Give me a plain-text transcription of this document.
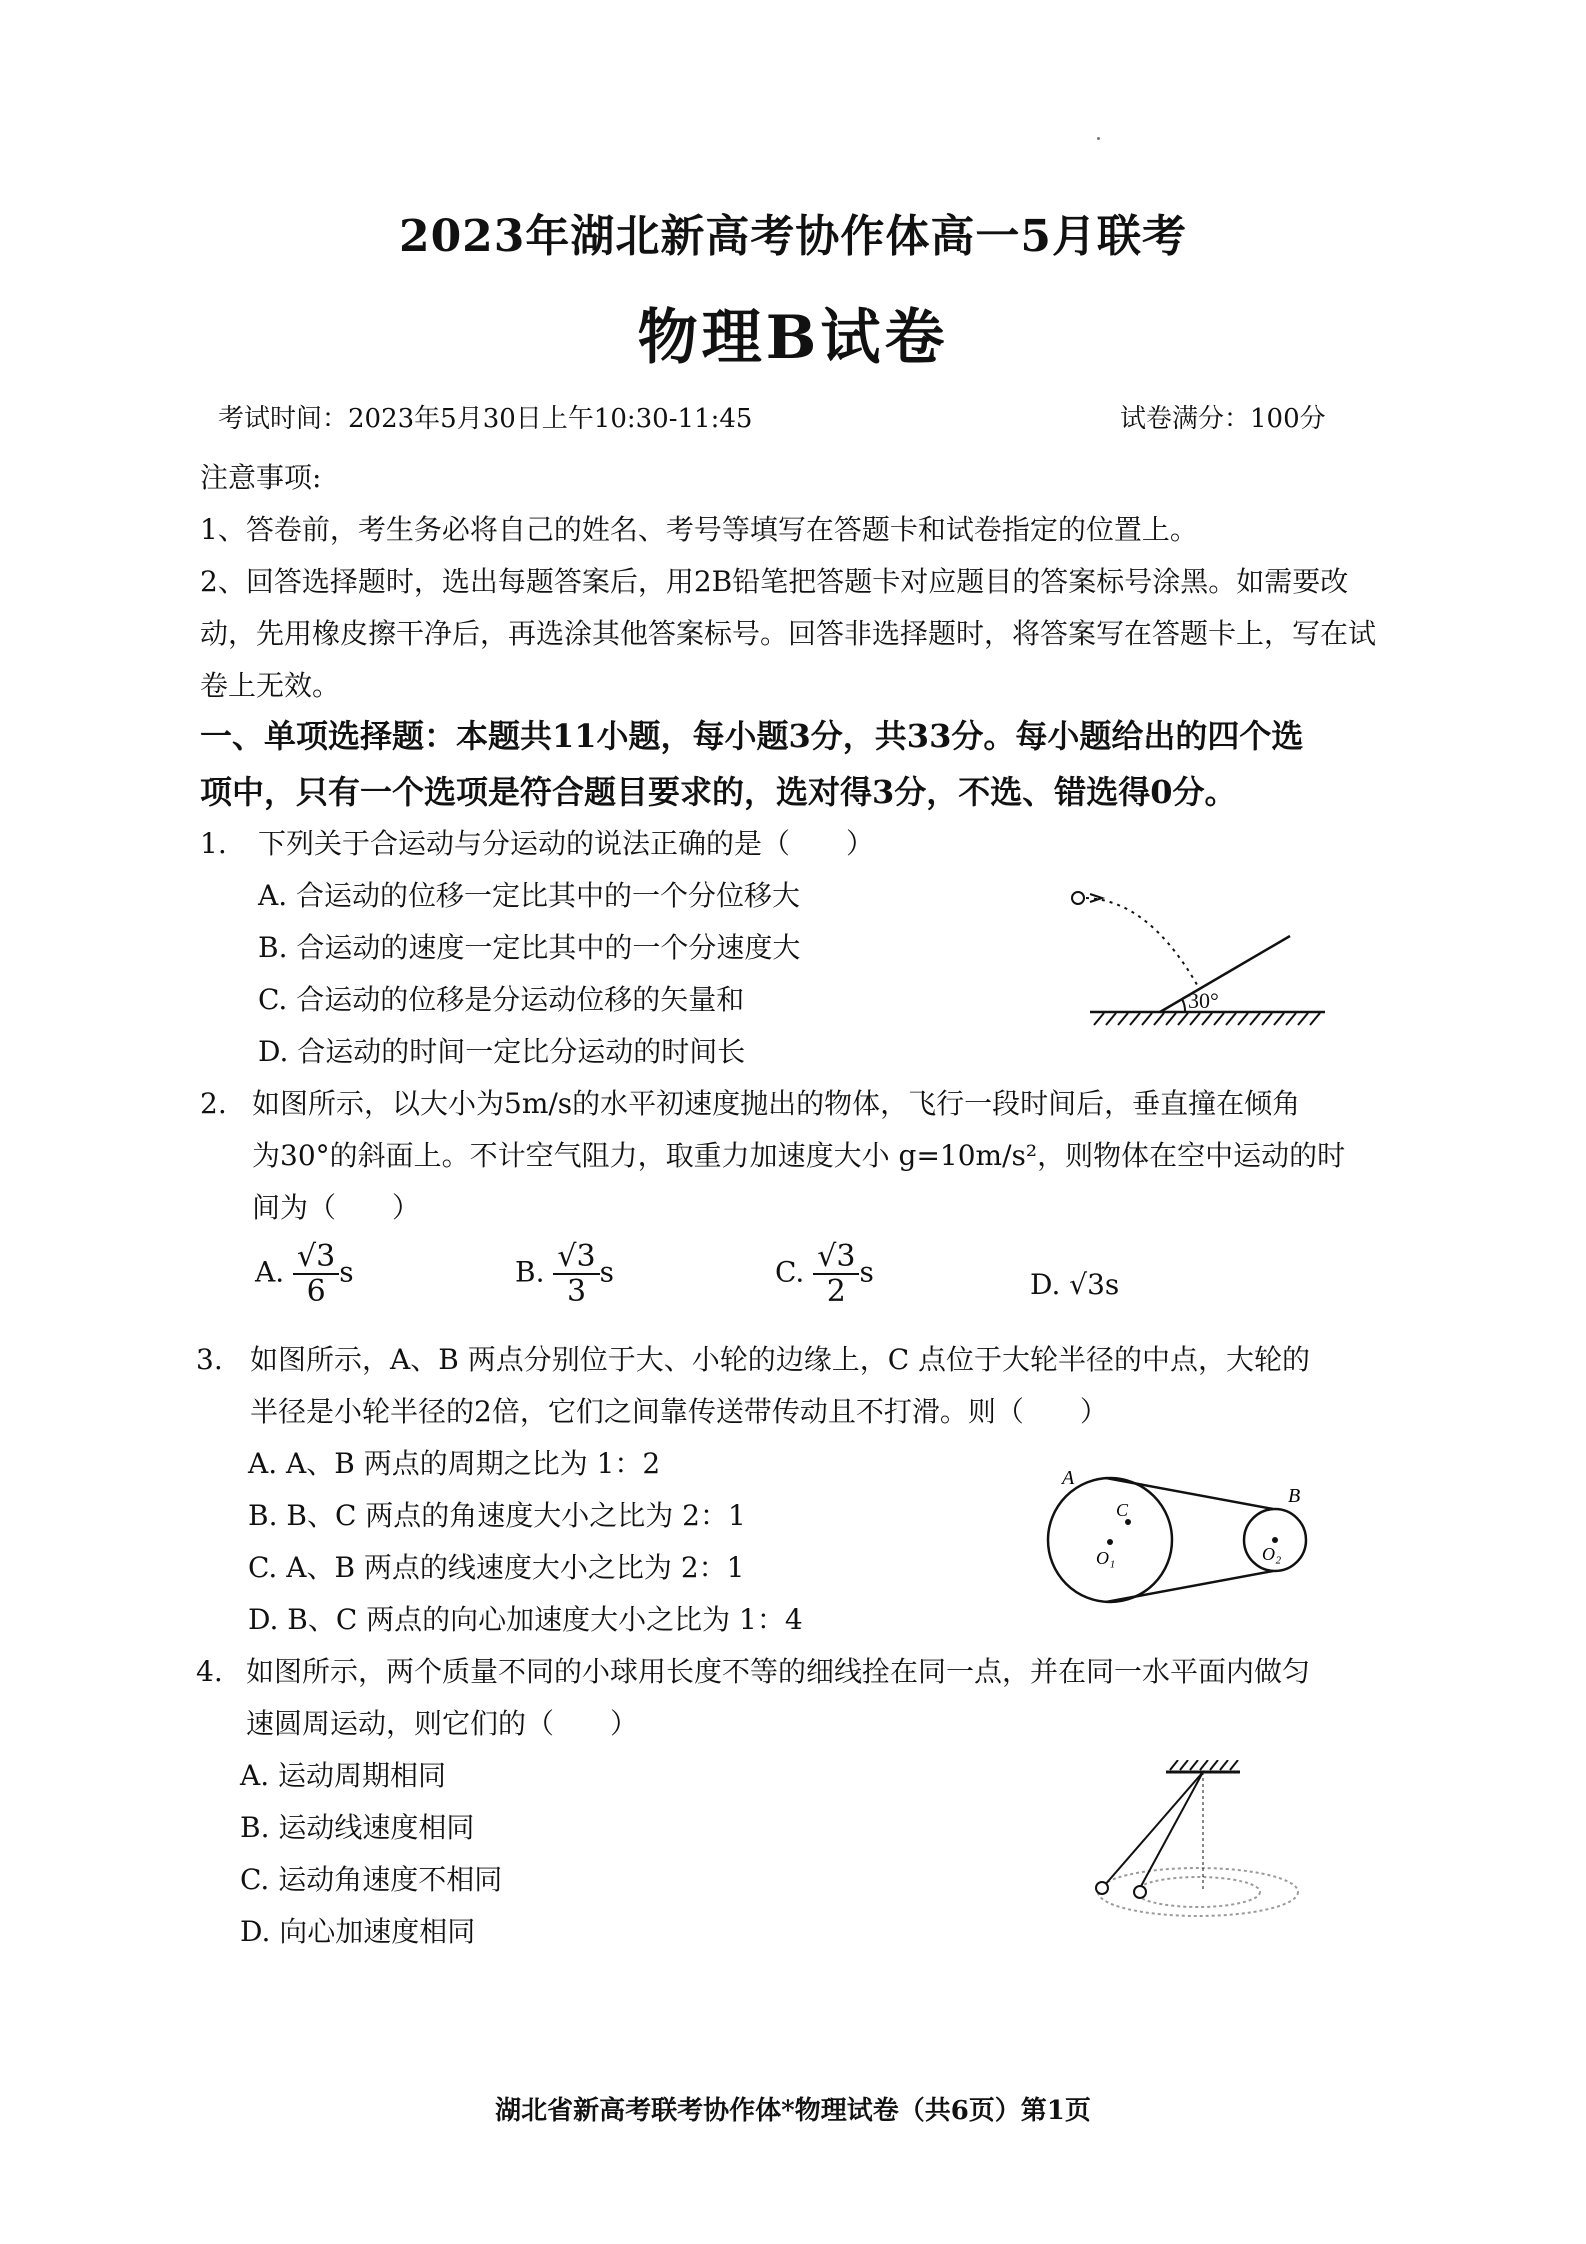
2023年湖北新高考协作体高一5月联考
物理B试卷
考试时间：2023年5月30日上午10:30-11:45	试卷满分：100分
注意事项:
1、答卷前，考生务必将自己的姓名、考号等填写在答题卡和试卷指定的位置上。
2、回答选择题时，选出每题答案后，用2B铅笔把答题卡对应题目的答案标号涂黑。如需要改
动，先用橡皮擦干净后，再选涂其他答案标号。回答非选择题时，将答案写在答题卡上，写在试
卷上无效。
一、单项选择题：本题共11小题，每小题3分，共33分。每小题给出的四个选
项中，只有一个选项是符合题目要求的，选对得3分，不选、错选得0分。
1. 下列关于合运动与分运动的说法正确的是（　　）
A. 合运动的位移一定比其中的一个分位移大
B. 合运动的速度一定比其中的一个分速度大
C. 合运动的位移是分运动位移的矢量和
D. 合运动的时间一定比分运动的时间长
30°
2. 如图所示，以大小为5m/s的水平初速度抛出的物体，飞行一段时间后，垂直撞在倾角
为30°的斜面上。不计空气阻力，取重力加速度大小 g=10m/s²，则物体在空中运动的时
间为（　　）
A. $\frac{√3}{6}$ s	B. $\frac{√3}{3}$ s	C. $\frac{√3}{2}$ s	D. √3s
3. 如图所示，A、B 两点分别位于大、小轮的边缘上，C 点位于大轮半径的中点，大轮的
半径是小轮半径的2倍，它们之间靠传送带传动且不打滑。则（　　）
A. A、B 两点的周期之比为 1：2
B. B、C 两点的角速度大小之比为 2：1
C. A、B 两点的线速度大小之比为 2：1
D. B、C 两点的向心加速度大小之比为 1：4
A
B
C
O₁	O₂
4. 如图所示，两个质量不同的小球用长度不等的细线拴在同一点，并在同一水平面内做匀
速圆周运动，则它们的（　　）
A. 运动周期相同
B. 运动线速度相同
C. 运动角速度不相同
D. 向心加速度相同
湖北省新高考联考协作体*物理试卷（共6页）第1页
